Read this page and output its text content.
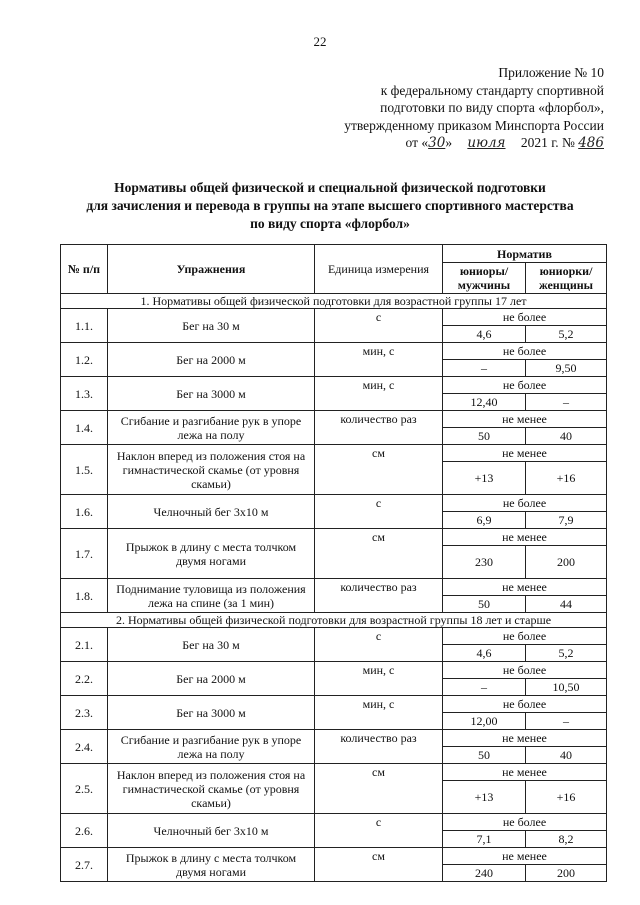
22
Приложение № 10
к федеральному стандарту спортивной
подготовки по виду спорта «флорбол»,
утвержденному приказом Минспорта России
от «30» июля 2021 г. № 486
Нормативы общей физической и специальной физической подготовки
для зачисления и перевода в группы на этапе высшего спортивного мастерства
по виду спорта «флорбол»
№ п/п	Упражнения	Единица измерения	Норматив	
			юниоры/ мужчины	юниорки/ женщины
1. Нормативы общей физической подготовки для возрастной группы 17 лет				
1.1.	Бег на 30 м	с	не более	
			4,6	5,2
1.2.	Бег на 2000 м	мин, с	не более	
			–	9,50
1.3.	Бег на 3000 м	мин, с	не более	
			12,40	–
1.4.	Сгибание и разгибание рук в упоре лежа на полу	количество раз	не менее	
			50	40
1.5.	Наклон вперед из положения стоя на гимнастической скамье (от уровня скамьи)	см	не менее	
			+13	+16
1.6.	Челночный бег 3х10 м	с	не более	
			6,9	7,9
1.7.	Прыжок в длину с места толчком двумя ногами	см	не менее	
			230	200
1.8.	Поднимание туловища из положения лежа на спине (за 1 мин)	количество раз	не менее	
			50	44
2. Нормативы общей физической подготовки для возрастной группы 18 лет и старше				
2.1.	Бег на 30 м	с	не более	
			4,6	5,2
2.2.	Бег на 2000 м	мин, с	не более	
			–	10,50
2.3.	Бег на 3000 м	мин, с	не более	
			12,00	–
2.4.	Сгибание и разгибание рук в упоре лежа на полу	количество раз	не менее	
			50	40
2.5.	Наклон вперед из положения стоя на гимнастической скамье (от уровня скамьи)	см	не менее	
			+13	+16
2.6.	Челночный бег 3х10 м	с	не более	
			7,1	8,2
2.7.	Прыжок в длину с места толчком двумя ногами	см	не менее	
			240	200
